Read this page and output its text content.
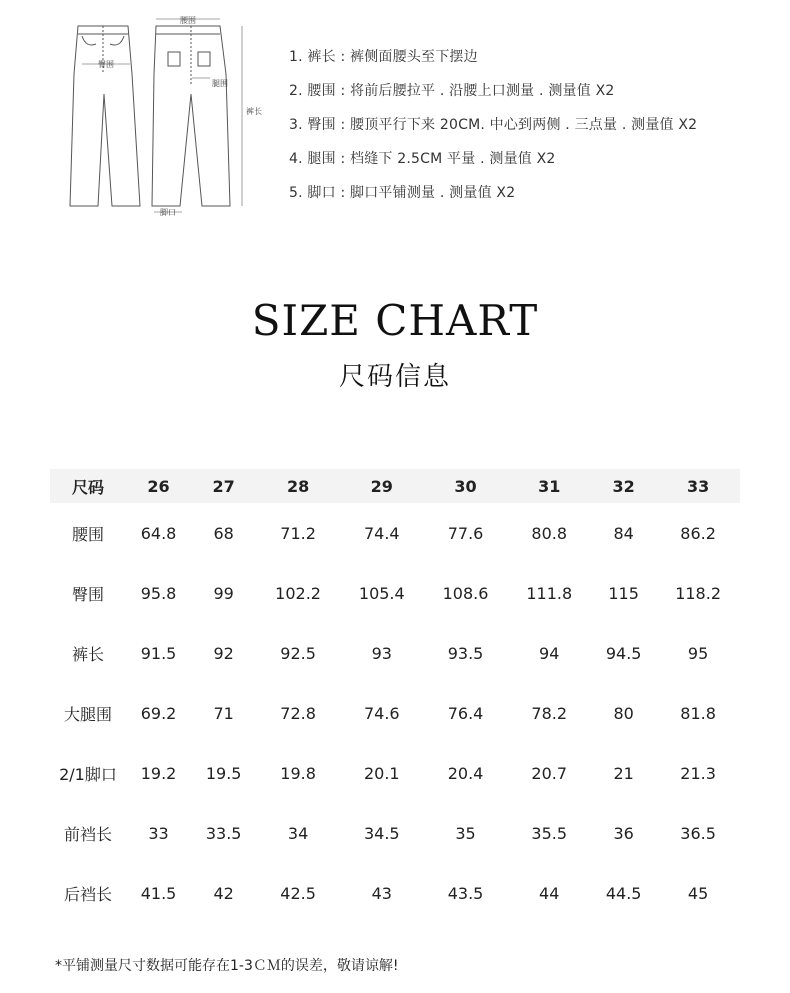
腰围
臀围
腿围
裤长
脚口
1. 裤长 : 裤侧面腰头至下摆边
2. 腰围 : 将前后腰拉平 . 沿腰上口测量 . 测量值 X2
3. 臀围 : 腰顶平行下来 20CM. 中心到两侧 . 三点量 . 测量值 X2
4. 腿围 : 档缝下 2.5CM 平量 . 测量值 X2
5. 脚口 : 脚口平铺测量 . 测量值 X2
SIZE CHART
尺码信息
尺码	26	27	28	29	30	31	32	33
腰围	64.8	68	71.2	74.4	77.6	80.8	84	86.2
臀围	95.8	99	102.2	105.4	108.6	111.8	115	118.2
裤长	91.5	92	92.5	93	93.5	94	94.5	95
大腿围	69.2	71	72.8	74.6	76.4	78.2	80	81.8
2/1脚口	19.2	19.5	19.8	20.1	20.4	20.7	21	21.3
前裆长	33	33.5	34	34.5	35	35.5	36	36.5
后裆长	41.5	42	42.5	43	43.5	44	44.5	45
*平铺测量尺寸数据可能存在1-3ＣＭ的误差，敬请谅解!
